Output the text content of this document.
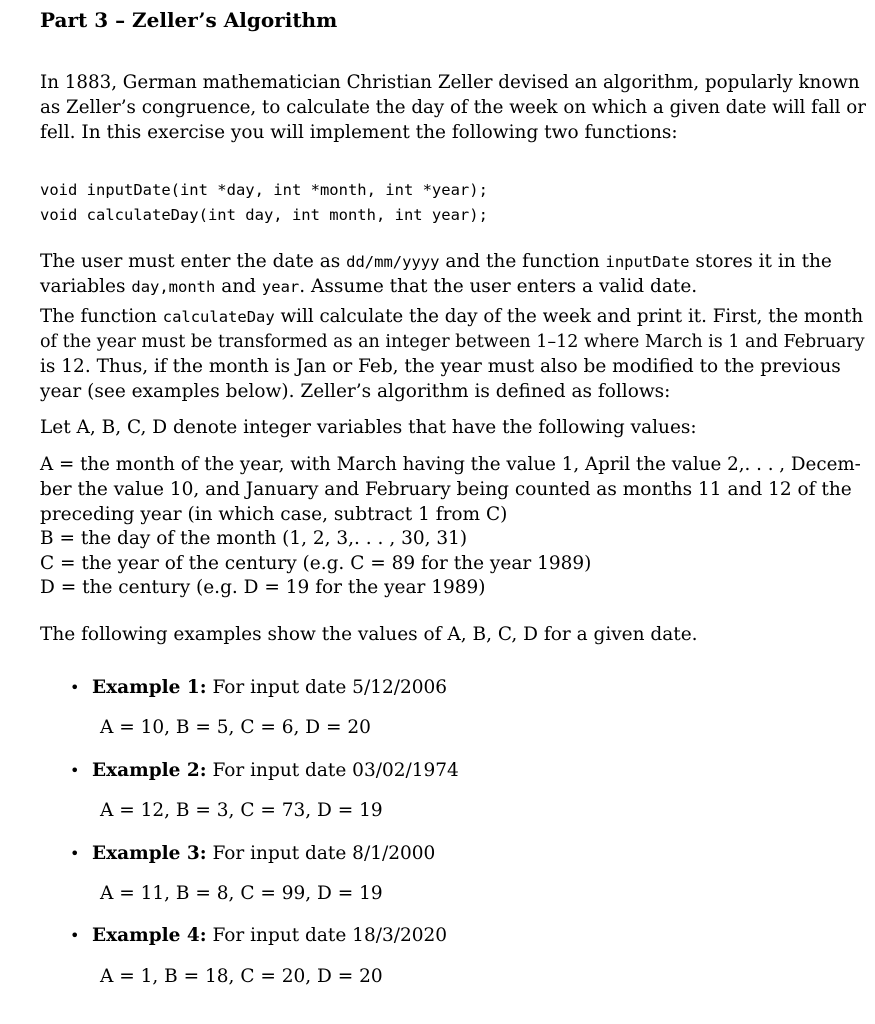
Part 3 – Zeller’s Algorithm
In 1883, German mathematician Christian Zeller devised an algorithm, popularly known
as Zeller’s congruence, to calculate the day of the week on which a given date will fall or
fell. In this exercise you will implement the following two functions:
void inputDate(int *day, int *month, int *year);
void calculateDay(int day, int month, int year);
The user must enter the date as dd/mm/yyyy and the function inputDate stores it in the
variables day,month and year. Assume that the user enters a valid date.
The function calculateDay will calculate the day of the week and print it. First, the month
of the year must be transformed as an integer between 1–12 where March is 1 and February
is 12. Thus, if the month is Jan or Feb, the year must also be modified to the previous
year (see examples below). Zeller’s algorithm is defined as follows:
Let A, B, C, D denote integer variables that have the following values:
A = the month of the year, with March having the value 1, April the value 2,. . . , Decem-
ber the value 10, and January and February being counted as months 11 and 12 of the
preceding year (in which case, subtract 1 from C)
B = the day of the month (1, 2, 3,. . . , 30, 31)
C = the year of the century (e.g. C = 89 for the year 1989)
D = the century (e.g. D = 19 for the year 1989)
The following examples show the values of A, B, C, D for a given date.
• Example 1: For input date 5/12/2006
A = 10, B = 5, C = 6, D = 20
• Example 2: For input date 03/02/1974
A = 12, B = 3, C = 73, D = 19
• Example 3: For input date 8/1/2000
A = 11, B = 8, C = 99, D = 19
• Example 4: For input date 18/3/2020
A = 1, B = 18, C = 20, D = 20
